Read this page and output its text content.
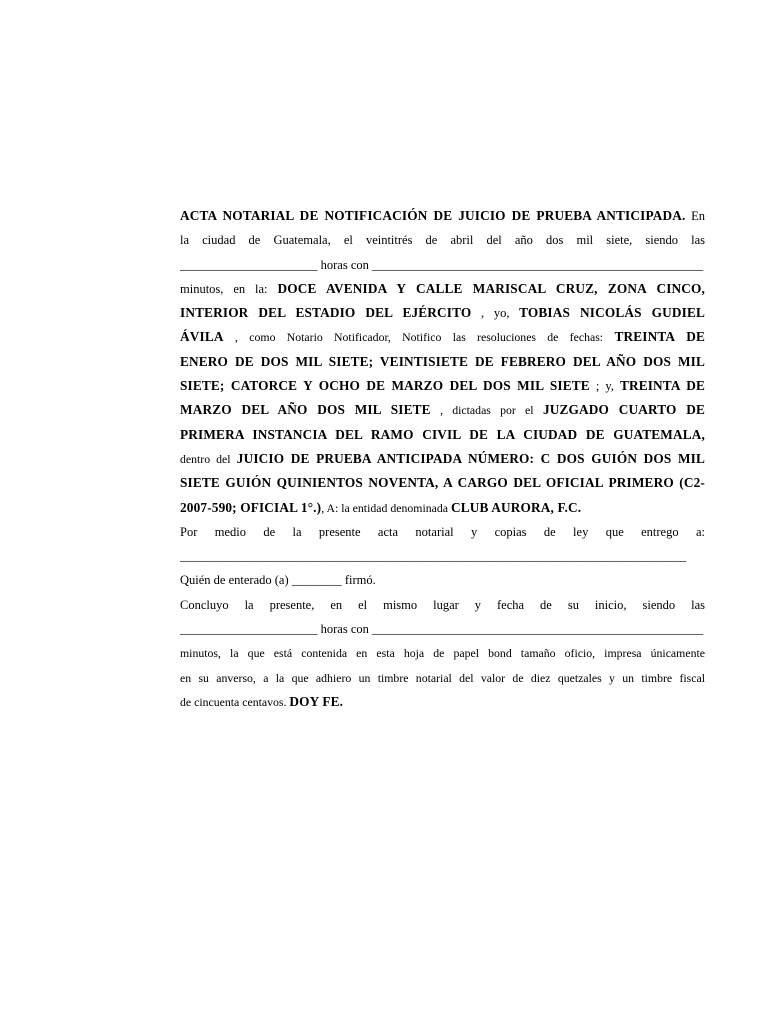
ACTA NOTARIAL DE NOTIFICACIÓN DE JUICIO DE PRUEBA ANTICIPADA. En
la ciudad de Guatemala, el veintitrés de abril del año dos mil siete, siendo las
______________________ horas con _____________________________________________________
minutos, en la: DOCE AVENIDA Y CALLE MARISCAL CRUZ, ZONA CINCO,
INTERIOR DEL ESTADIO DEL EJÉRCITO , yo, TOBIAS NICOLÁS GUDIEL
ÁVILA , como Notario Notificador, Notifico las resoluciones de fechas: TREINTA DE
ENERO DE DOS MIL SIETE; VEINTISIETE DE FEBRERO DEL AÑO DOS MIL
SIETE; CATORCE Y OCHO DE MARZO DEL DOS MIL SIETE ; y, TREINTA DE
MARZO DEL AÑO DOS MIL SIETE , dictadas por el JUZGADO CUARTO DE
PRIMERA INSTANCIA DEL RAMO CIVIL DE LA CIUDAD DE GUATEMALA,
dentro del JUICIO DE PRUEBA ANTICIPADA NÚMERO: C DOS GUIÓN DOS MIL
SIETE GUIÓN QUINIENTOS NOVENTA, A CARGO DEL OFICIAL PRIMERO (C2-
2007-590; OFICIAL 1°.), A: la entidad denominada CLUB AURORA, F.C.
Por medio de la presente acta notarial y copias de ley que entrego a:
_________________________________________________________________________________
Quién de enterado (a) ________ firmó.
Concluyo la presente, en el mismo lugar y fecha de su inicio, siendo las
______________________ horas con _____________________________________________________
minutos, la que está contenida en esta hoja de papel bond tamaño oficio, impresa únicamente
en su anverso, a la que adhiero un timbre notarial del valor de diez quetzales y un timbre fiscal
de cincuenta centavos. DOY FE.
